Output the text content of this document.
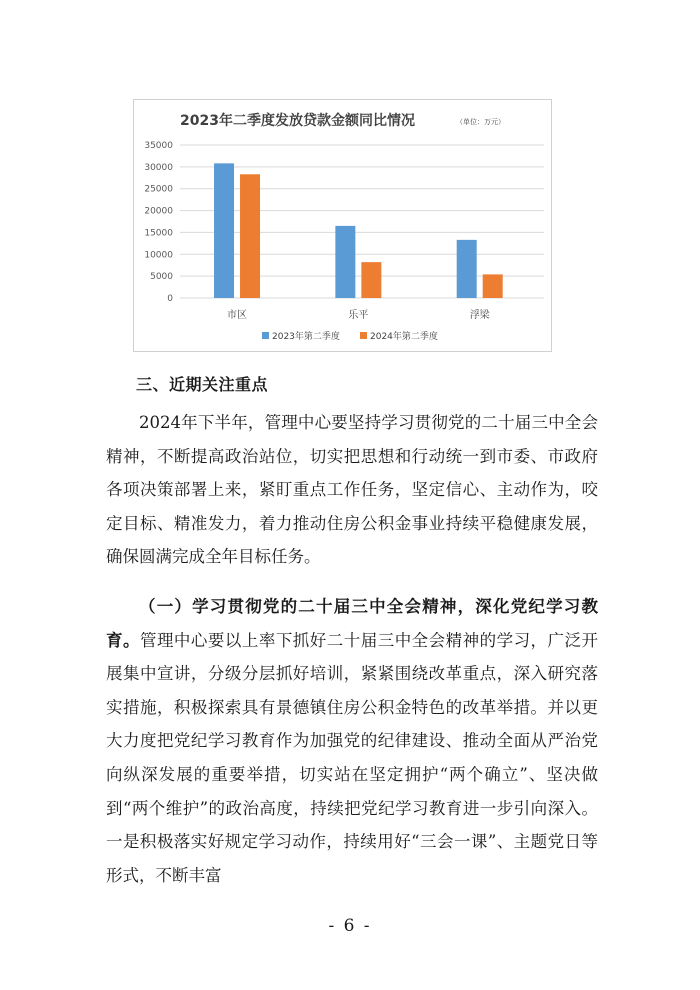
2023年二季度发放贷款金额同比情况	（单位：万元）
0
5000
10000
15000
20000
25000
30000
35000
市区	乐平	浮梁
2023年第二季度	2024年第二季度
三、近期关注重点

2024年下半年，管理中心要坚持学习贯彻党的二十届三中全会精神，不断提高政治站位，切实把思想和行动统一到市委、市政府各项决策部署上来，紧盯重点工作任务，坚定信心、主动作为，咬定目标、精准发力，着力推动住房公积金事业持续平稳健康发展，确保圆满完成全年目标任务。

（一）学习贯彻党的二十届三中全会精神，深化党纪学习教育。管理中心要以上率下抓好二十届三中全会精神的学习，广泛开展集中宣讲，分级分层抓好培训，紧紧围绕改革重点，深入研究落实措施，积极探索具有景德镇住房公积金特色的改革举措。并以更大力度把党纪学习教育作为加强党的纪律建设、推动全面从严治党向纵深发展的重要举措，切实站在坚定拥护“两个确立”、坚决做到“两个维护”的政治高度，持续把党纪学习教育进一步引向深入。一是积极落实好规定学习动作，持续用好“三会一课”、主题党日等形式，不断丰富

- 6 -
